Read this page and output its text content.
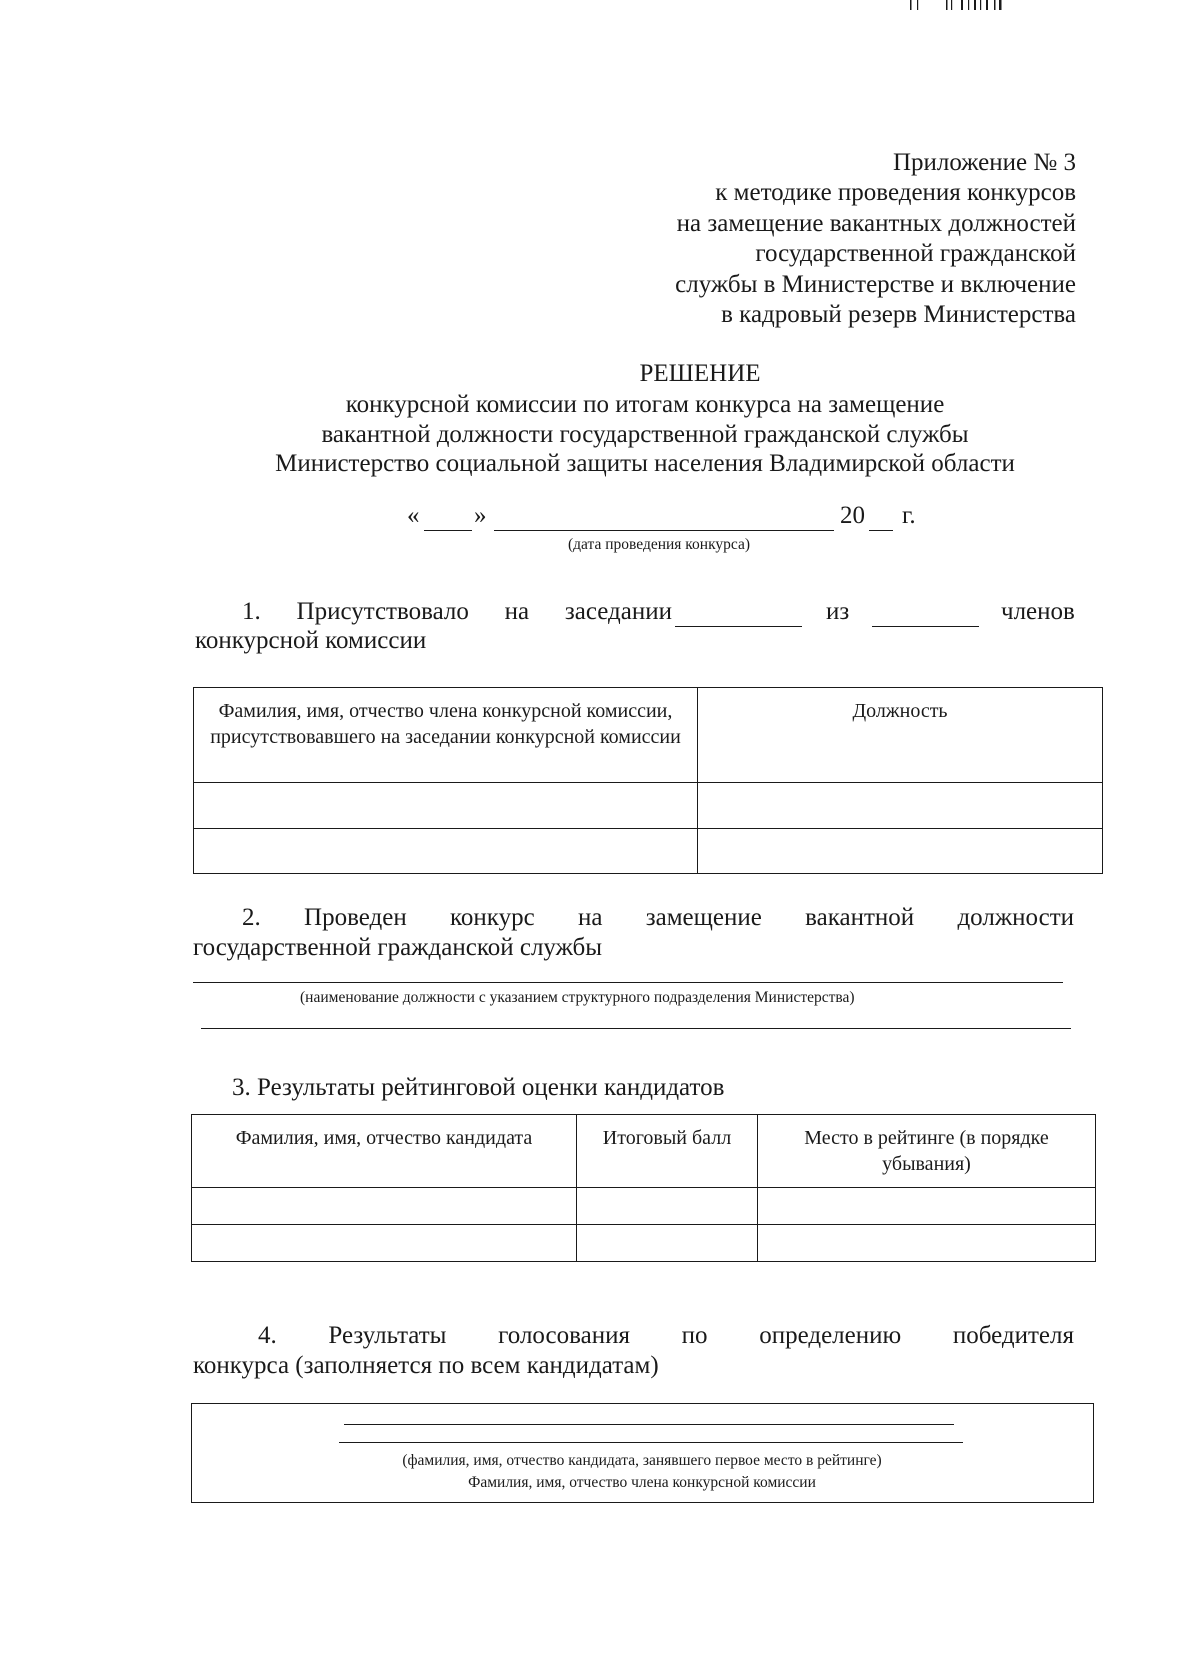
Приложение № 3
к методике проведения конкурсов
на замещение вакантных должностей
государственной гражданской
службы в Министерстве и включение
в кадровый резерв Министерства
РЕШЕНИЕ
конкурсной комиссии по итогам конкурса на замещение
вакантной должности государственной гражданской службы
Министерство социальной защиты населения Владимирской области
« »	20 г.
(дата проведения конкурса)
1. Присутствовало на заседании	из	членов
конкурсной комиссии
Фамилия, имя, отчество члена конкурсной комиссии, присутствовавшего на заседании конкурсной комиссии	Должность

2. Проведен конкурс на замещение вакантной должности
государственной гражданской службы
(наименование должности с указанием структурного подразделения Министерства)
3. Результаты рейтинговой оценки кандидатов
Фамилия, имя, отчество кандидата	Итоговый балл	Место в рейтинге (в порядке убывания)

4. Результаты голосования по определению победителя
конкурса (заполняется по всем кандидатам)
(фамилия, имя, отчество кандидата, занявшего первое место в рейтинге)
Фамилия, имя, отчество члена конкурсной комиссии
